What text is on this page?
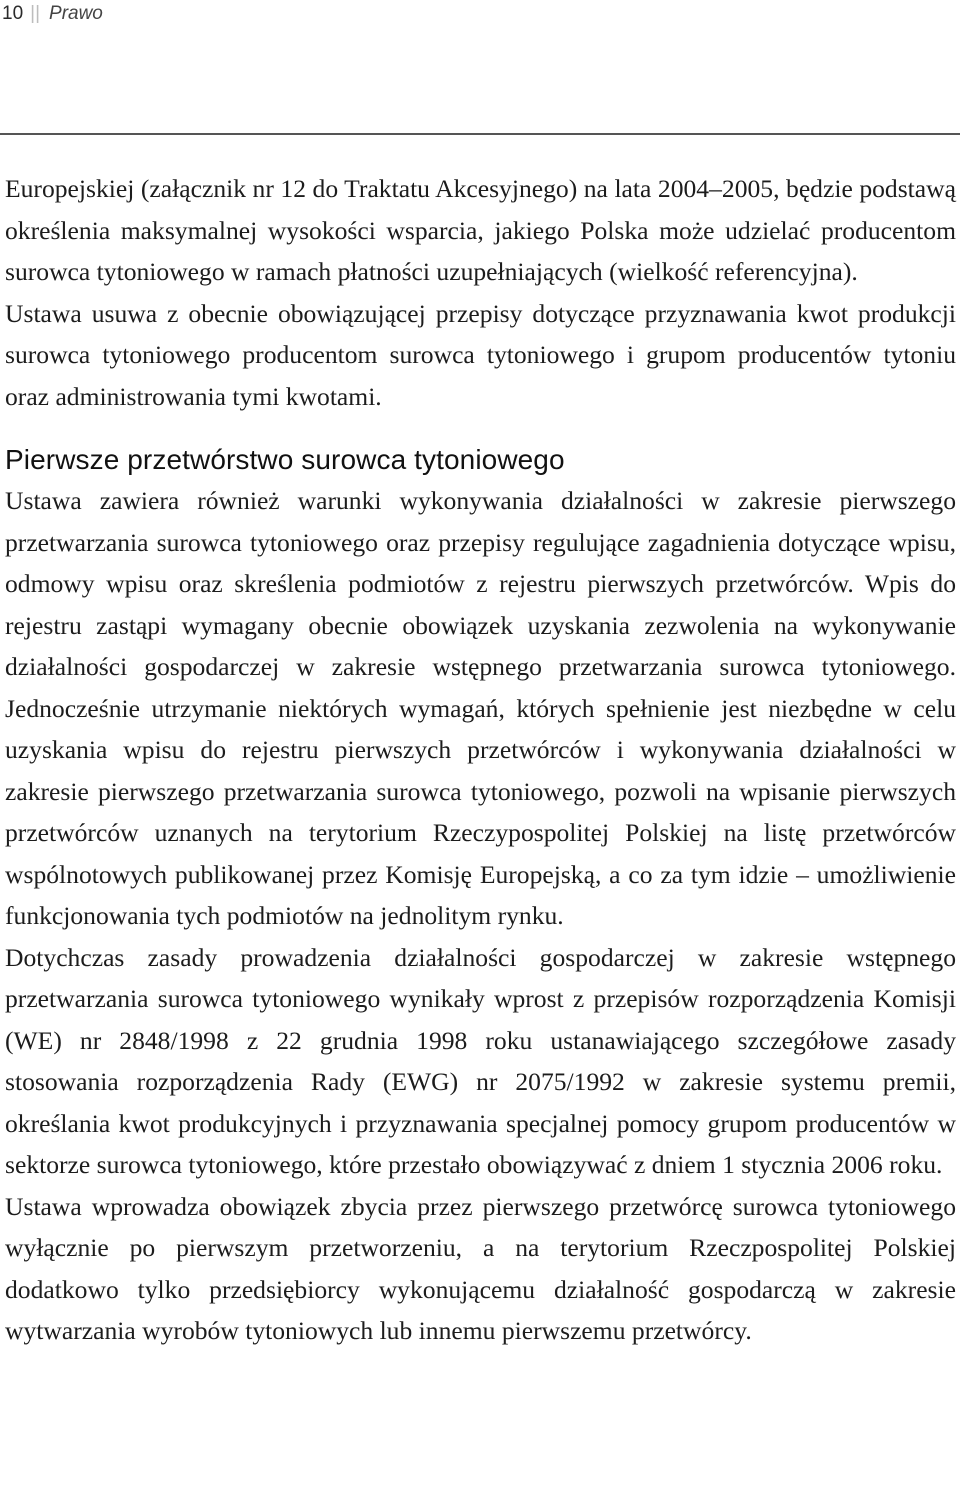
10 || Prawo

Europejskiej (załącznik nr 12 do Traktatu Akcesyjnego) na lata 2004–2005, będzie podstawą określenia maksymalnej wysokości wsparcia, jakiego Polska może udzielać producentom surowca tytoniowego w ramach płatności uzupełniających (wielkość referencyjna).

Ustawa usuwa z obecnie obowiązującej przepisy dotyczące przyznawania kwot produkcji surowca tytoniowego producentom surowca tytoniowego i grupom producentów tytoniu oraz administrowania tymi kwotami.

Pierwsze przetwórstwo surowca tytoniowego

Ustawa zawiera również warunki wykonywania działalności w zakresie pierwszego przetwarzania surowca tytoniowego oraz przepisy regulujące zagadnienia dotyczące wpisu, odmowy wpisu oraz skreślenia podmiotów z rejestru pierwszych przetwórców. Wpis do rejestru zastąpi wymagany obecnie obowiązek uzyskania zezwolenia na wykonywanie działalności gospodarczej w zakresie wstępnego przetwarzania surowca tytoniowego. Jednocześnie utrzymanie niektórych wymagań, których spełnienie jest niezbędne w celu uzyskania wpisu do rejestru pierwszych przetwórców i wykonywania działalności w zakresie pierwszego przetwarzania surowca tytoniowego, pozwoli na wpisanie pierwszych przetwórców uznanych na terytorium Rzeczypospolitej Polskiej na listę przetwórców wspólnotowych publikowanej przez Komisję Europejską, a co za tym idzie – umożliwienie funkcjonowania tych podmiotów na jednolitym rynku.

Dotychczas zasady prowadzenia działalności gospodarczej w zakresie wstępnego przetwarzania surowca tytoniowego wynikały wprost z przepisów rozporządzenia Komisji (WE) nr 2848/1998 z 22 grudnia 1998 roku ustanawiającego szczegółowe zasady stosowania rozporządzenia Rady (EWG) nr 2075/1992 w zakresie systemu premii, określania kwot produkcyjnych i przyznawania specjalnej pomocy grupom producentów w sektorze surowca tytoniowego, które przestało obowiązywać z dniem 1 stycznia 2006 roku.

Ustawa wprowadza obowiązek zbycia przez pierwszego przetwórcę surowca tytoniowego wyłącznie po pierwszym przetworzeniu, a na terytorium Rzeczpospolitej Polskiej dodatkowo tylko przedsiębiorcy wykonującemu działalność gospodarczą w zakresie wytwarzania wyrobów tytoniowych lub innemu pierwszemu przetwórcy.
